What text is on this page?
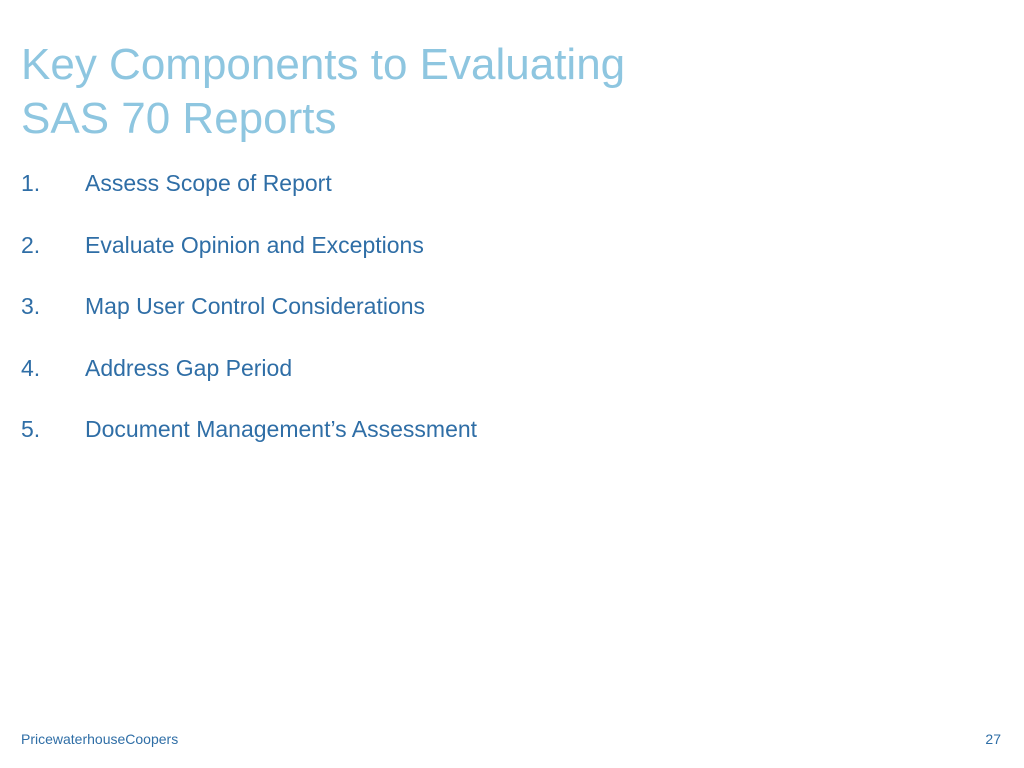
Key Components to Evaluating
SAS 70 Reports
1.	Assess Scope of Report
2.	Evaluate Opinion and Exceptions
3.	Map User Control Considerations
4.	Address Gap Period
5.	Document Management’s Assessment
PricewaterhouseCoopers	27
